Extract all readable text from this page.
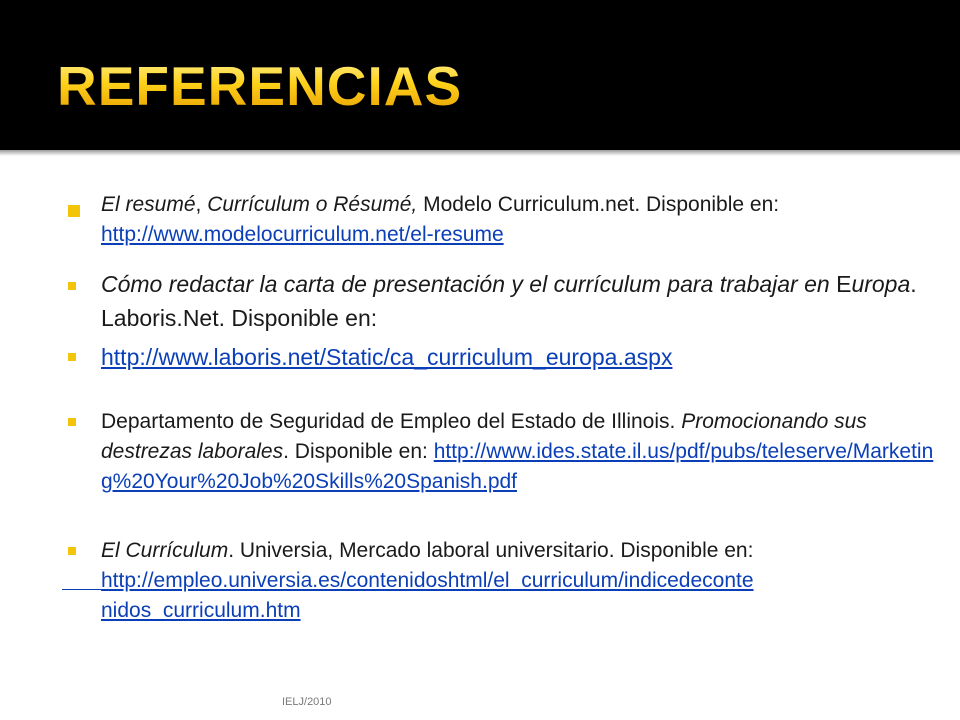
REFERENCIAS

El resumé, Currículum o Résumé, Modelo Curriculum.net. Disponible en: http://www.modelocurriculum.net/el-resume

Cómo redactar la carta de presentación y el currículum para trabajar en Europa. Laboris.Net. Disponible en:

http://www.laboris.net/Static/ca_curriculum_europa.aspx

Departamento de Seguridad de Empleo del Estado de Illinois. Promocionando sus destrezas laborales. Disponible en: http://www.ides.state.il.us/pdf/pubs/teleserve/Marketing%20Your%20Job%20Skills%20Spanish.pdf

El Currículum. Universia, Mercado laboral universitario. Disponible en:
http://empleo.universia.es/contenidoshtml/el_curriculum/indicedeconte
nidos_curriculum.htm

IELJ/2010
